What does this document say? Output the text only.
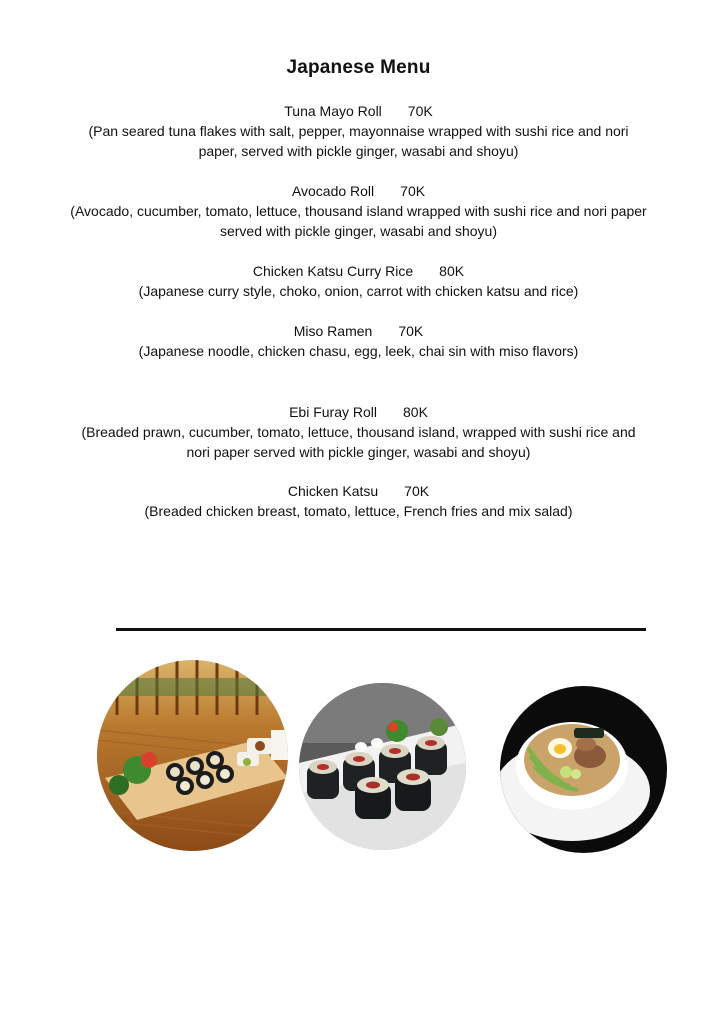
Japanese Menu
Tuna Mayo Roll 70K
(Pan seared tuna flakes with salt, pepper, mayonnaise wrapped with sushi rice and nori paper, served with pickle ginger, wasabi and shoyu)
Avocado Roll 70K
(Avocado, cucumber, tomato, lettuce, thousand island wrapped with sushi rice and nori paper served with pickle ginger, wasabi and shoyu)
Chicken Katsu Curry Rice 80K
(Japanese curry style, choko, onion, carrot with chicken katsu and rice)
Miso Ramen 70K
(Japanese noodle, chicken chasu, egg, leek, chai sin with miso flavors)
Ebi Furay Roll 80K
(Breaded prawn, cucumber, tomato, lettuce, thousand island, wrapped with sushi rice and nori paper served with pickle ginger, wasabi and shoyu)
Chicken Katsu 70K
(Breaded chicken breast, tomato, lettuce, French fries and mix salad)
